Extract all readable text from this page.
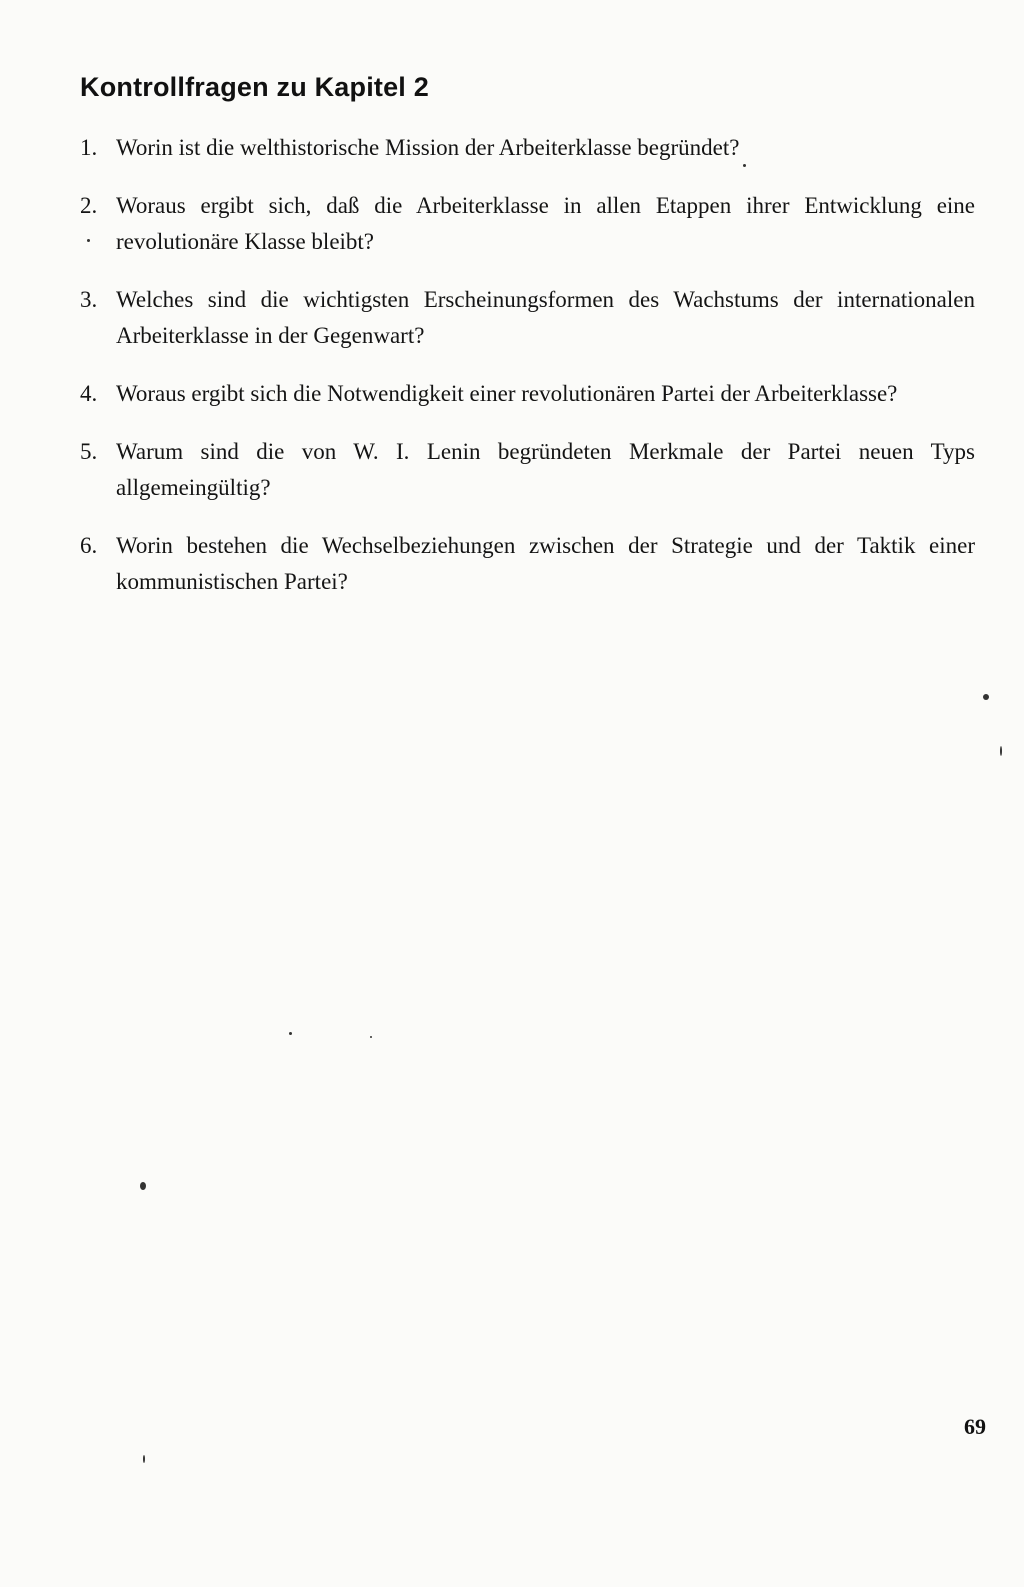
Kontrollfragen zu Kapitel 2
1. Worin ist die welthistorische Mission der Arbeiterklasse begründet?
2. Woraus ergibt sich, daß die Arbeiterklasse in allen Etappen ihrer Entwicklung eine revolutionäre Klasse bleibt?
3. Welches sind die wichtigsten Erscheinungsformen des Wachstums der internationalen Arbeiterklasse in der Gegenwart?
4. Woraus ergibt sich die Notwendigkeit einer revolutionären Partei der Arbeiterklasse?
5. Warum sind die von W. I. Lenin begründeten Merkmale der Partei neuen Typs allgemeingültig?
6. Worin bestehen die Wechselbeziehungen zwischen der Strategie und der Taktik einer kommunistischen Partei?
69
